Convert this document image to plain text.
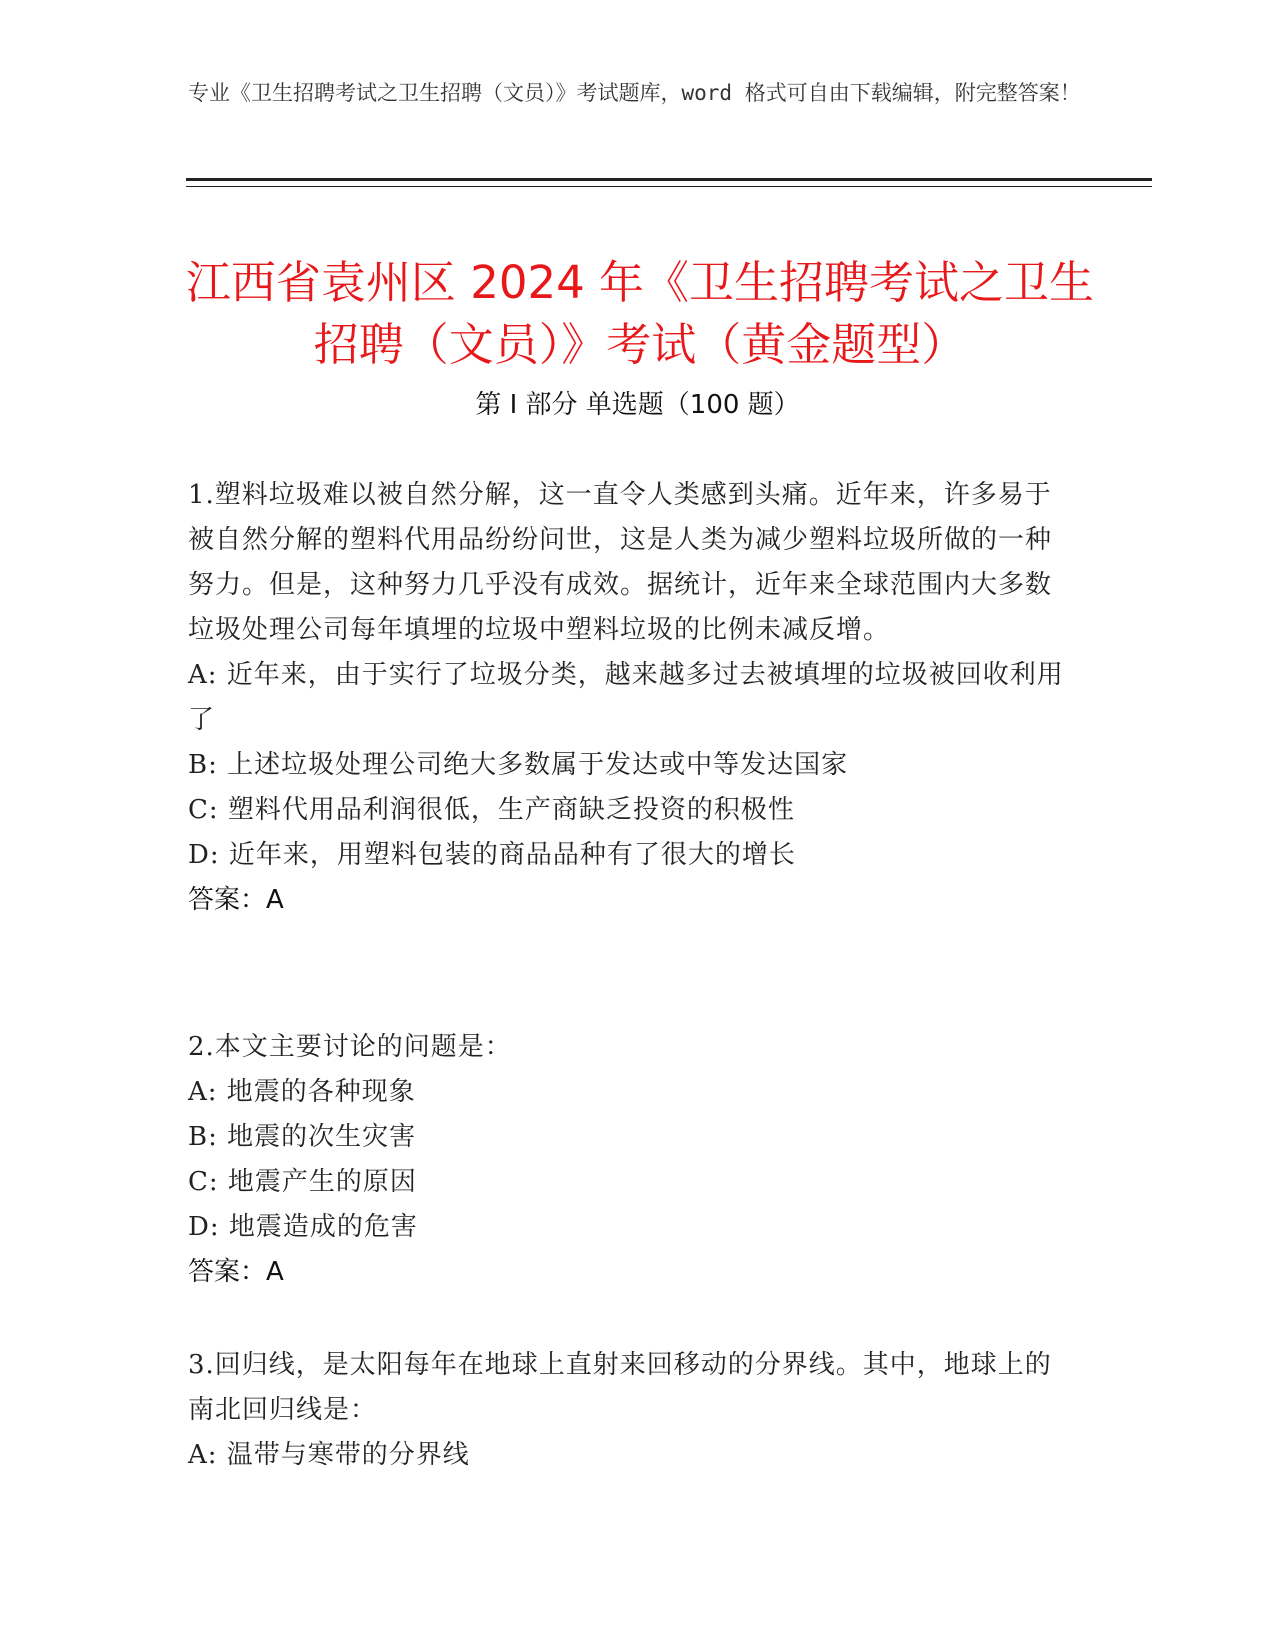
专业《卫生招聘考试之卫生招聘（文员）》考试题库，word 格式可自由下载编辑，附完整答案！
江西省袁州区 2024 年《卫生招聘考试之卫生
招聘（文员）》考试（黄金题型）
第 I 部分 单选题（100 题）

1.塑料垃圾难以被自然分解，这一直令人类感到头痛。近年来，许多易于被自然分解的塑料代用品纷纷问世，这是人类为减少塑料垃圾所做的一种努力。但是，这种努力几乎没有成效。据统计，近年来全球范围内大多数垃圾处理公司每年填埋的垃圾中塑料垃圾的比例未减反增。

A: 近年来，由于实行了垃圾分类，越来越多过去被填埋的垃圾被回收利用了

B: 上述垃圾处理公司绝大多数属于发达或中等发达国家

C: 塑料代用品利润很低，生产商缺乏投资的积极性

D: 近年来，用塑料包装的商品品种有了很大的增长

答案：A

2.本文主要讨论的问题是：

A: 地震的各种现象

B: 地震的次生灾害

C: 地震产生的原因

D: 地震造成的危害

答案：A

3.回归线，是太阳每年在地球上直射来回移动的分界线。其中，地球上的南北回归线是：

A: 温带与寒带的分界线
